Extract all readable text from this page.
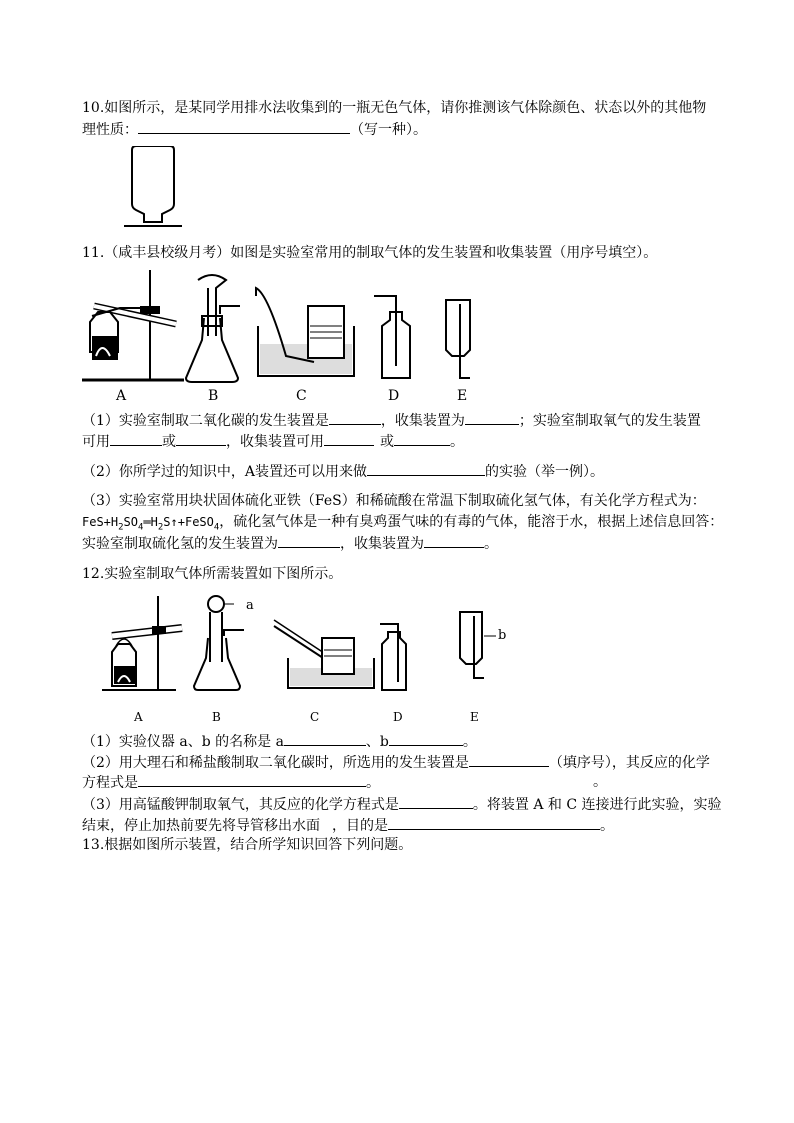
10.如图所示，是某同学用排水法收集到的一瓶无色气体，请你推测该气体除颜色、状态以外的其他物
理性质：	（写一种）。
11.（咸丰县校级月考）如图是实验室常用的制取气体的发生装置和收集装置（用序号填空）。
A	B	C	D	E
（1）实验室制取二氧化碳的发生装置是	，收集装置为	；实验室制取氧气的发生装置
可用	或	，收集装置可用	或	。
（2）你所学过的知识中，A装置还可以用来做	的实验（举一例）。
（3）实验室常用块状固体硫化亚铁（FeS）和稀硫酸在常温下制取硫化氢气体，有关化学方程式为：
$FeS+H_2SO_4═H_2S↑+FeSO_4$，硫化氢气体是一种有臭鸡蛋气味的有毒的气体，能溶于水，根据上述信息回答：
实验室制取硫化氢的发生装置为	，收集装置为	。
12.实验室制取气体所需装置如下图所示。
a
b
A	B	C	D	E
（1）实验仪器 a、b 的名称是 a	、b	。
（2）用大理石和稀盐酸制取二氧化碳时，所选用的发生装置是	（填序号），其反应的化学
方程式是	。	。
（3）用高锰酸钾制取氧气，其反应的化学方程式是	。将装置 A 和 C 连接进行此实验，实验
结束，停止加热前要先将导管移出水面 ，目的是	。
13.根据如图所示装置，结合所学知识回答下列问题。
